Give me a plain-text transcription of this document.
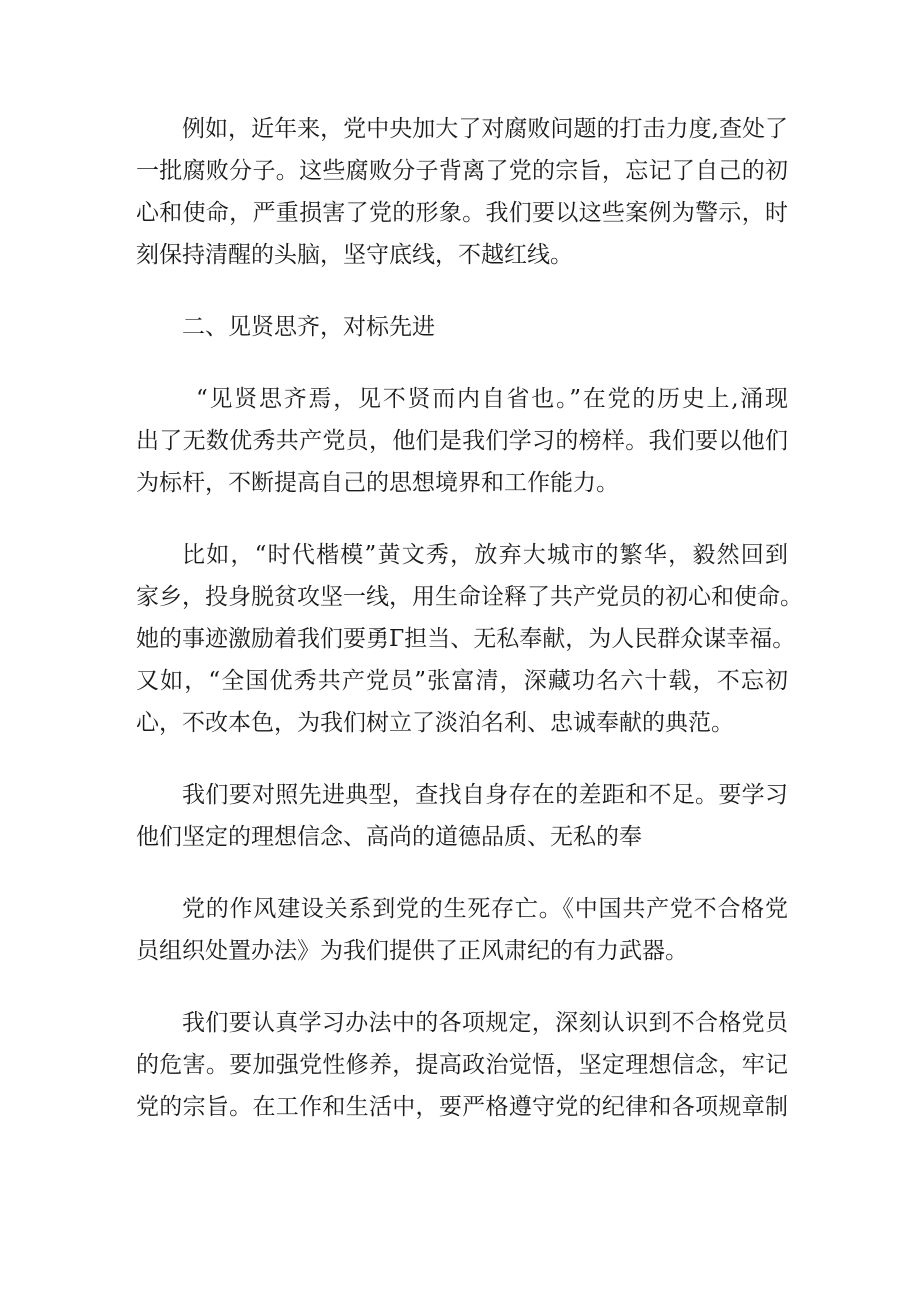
例如，近年来，党中央加大了对腐败问题的打击力度,查处了
一批腐败分子。这些腐败分子背离了党的宗旨，忘记了自己的初
心和使命，严重损害了党的形象。我们要以这些案例为警示，时
刻保持清醒的头脑，坚守底线，不越红线。
二、见贤思齐，对标先进
“见贤思齐焉，见不贤而内自省也。”在党的历史上,涌现
出了无数优秀共产党员，他们是我们学习的榜样。我们要以他们
为标杆，不断提高自己的思想境界和工作能力。
比如，“时代楷模”黄文秀，放弃大城市的繁华，毅然回到
家乡，投身脱贫攻坚一线，用生命诠释了共产党员的初心和使命。
她的事迹激励着我们要勇Г担当、无私奉献，为人民群众谋幸福。
又如，“全国优秀共产党员”张富清，深藏功名六十载，不忘初
心，不改本色，为我们树立了淡泊名利、忠诚奉献的典范。
我们要对照先进典型，查找自身存在的差距和不足。要学习
他们坚定的理想信念、高尚的道德品质、无私的奉
党的作风建设关系到党的生死存亡。《中国共产党不合格党
员组织处置办法》为我们提供了正风肃纪的有力武器。
我们要认真学习办法中的各项规定，深刻认识到不合格党员
的危害。要加强党性修养，提高政治觉悟，坚定理想信念，牢记
党的宗旨。在工作和生活中，要严格遵守党的纪律和各项规章制
